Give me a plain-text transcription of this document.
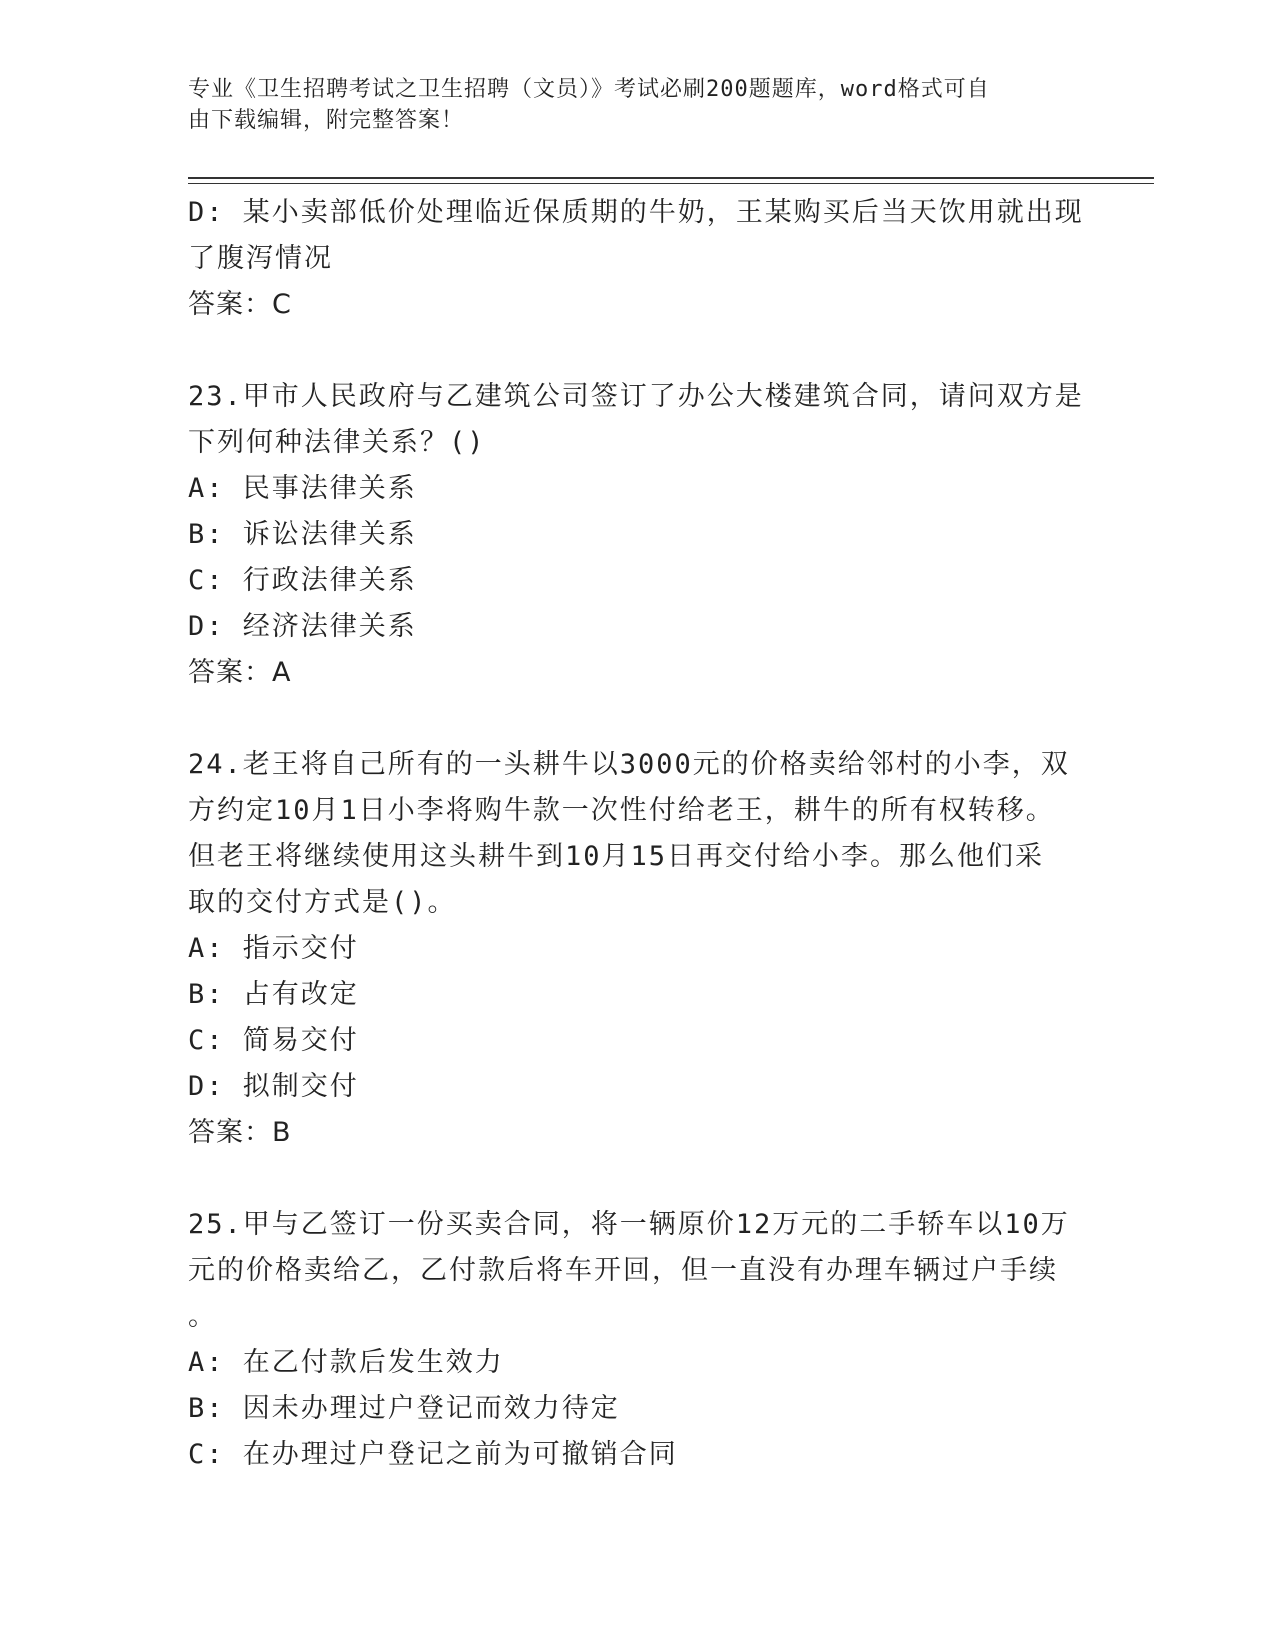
专业《卫生招聘考试之卫生招聘（文员）》考试必刷200题题库，word格式可自
由下载编辑，附完整答案！
D: 某小卖部低价处理临近保质期的牛奶，王某购买后当天饮用就出现
了腹泻情况
答案：C
23.甲市人民政府与乙建筑公司签订了办公大楼建筑合同，请问双方是
下列何种法律关系？()
A: 民事法律关系
B: 诉讼法律关系
C: 行政法律关系
D: 经济法律关系
答案：A
24.老王将自己所有的一头耕牛以3000元的价格卖给邻村的小李，双
方约定10月1日小李将购牛款一次性付给老王，耕牛的所有权转移。
但老王将继续使用这头耕牛到10月15日再交付给小李。那么他们采
取的交付方式是()。
A: 指示交付
B: 占有改定
C: 简易交付
D: 拟制交付
答案：B
25.甲与乙签订一份买卖合同，将一辆原价12万元的二手轿车以10万
元的价格卖给乙，乙付款后将车开回，但一直没有办理车辆过户手续
。
A: 在乙付款后发生效力
B: 因未办理过户登记而效力待定
C: 在办理过户登记之前为可撤销合同
